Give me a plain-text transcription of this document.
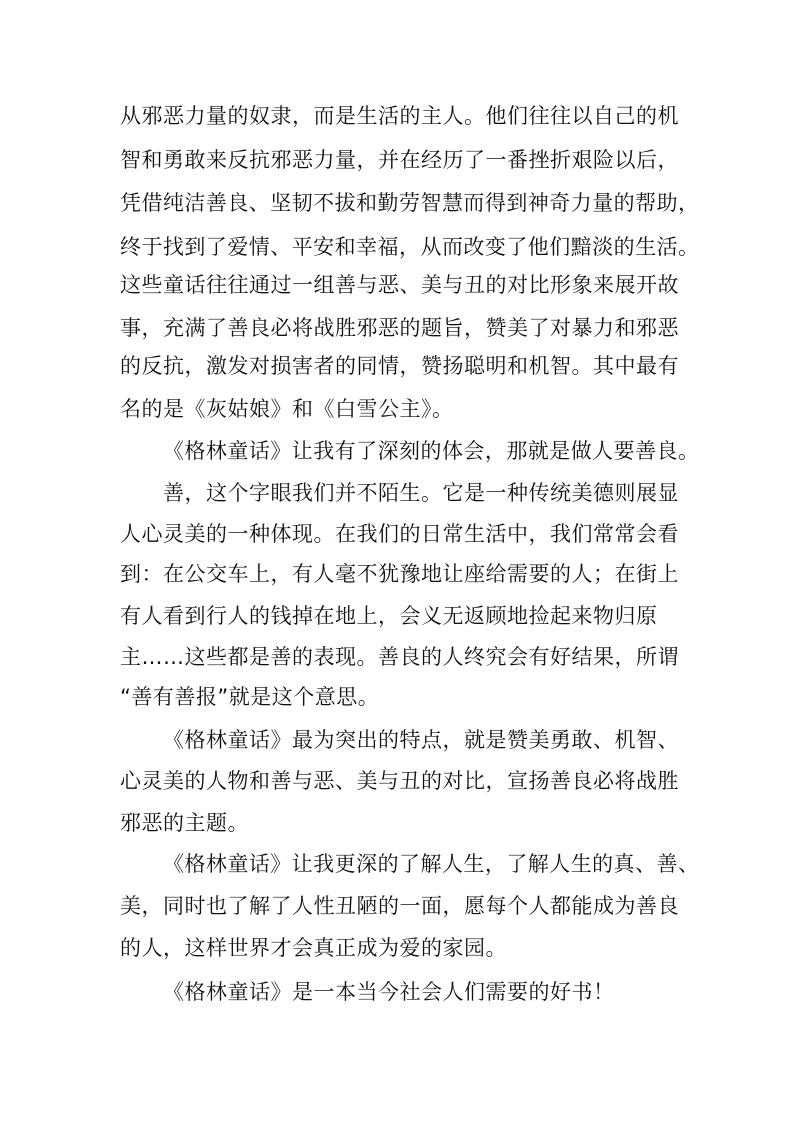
从邪恶力量的奴隶，而是生活的主人。他们往往以自己的机
智和勇敢来反抗邪恶力量，并在经历了一番挫折艰险以后，
凭借纯洁善良、坚韧不拔和勤劳智慧而得到神奇力量的帮助，
终于找到了爱情、平安和幸福，从而改变了他们黯淡的生活。
这些童话往往通过一组善与恶、美与丑的对比形象来展开故
事，充满了善良必将战胜邪恶的题旨，赞美了对暴力和邪恶
的反抗，激发对损害者的同情，赞扬聪明和机智。其中最有
名的是《灰姑娘》和《白雪公主》。
《格林童话》让我有了深刻的体会，那就是做人要善良。
善，这个字眼我们并不陌生。它是一种传统美德则展显
人心灵美的一种体现。在我们的日常生活中，我们常常会看
到：在公交车上，有人毫不犹豫地让座给需要的人；在街上
有人看到行人的钱掉在地上，会义无返顾地捡起来物归原
主……这些都是善的表现。善良的人终究会有好结果，所谓
“善有善报”就是这个意思。
《格林童话》最为突出的特点，就是赞美勇敢、机智、
心灵美的人物和善与恶、美与丑的对比，宣扬善良必将战胜
邪恶的主题。
《格林童话》让我更深的了解人生，了解人生的真、善、
美，同时也了解了人性丑陋的一面，愿每个人都能成为善良
的人，这样世界才会真正成为爱的家园。
《格林童话》是一本当今社会人们需要的好书！
